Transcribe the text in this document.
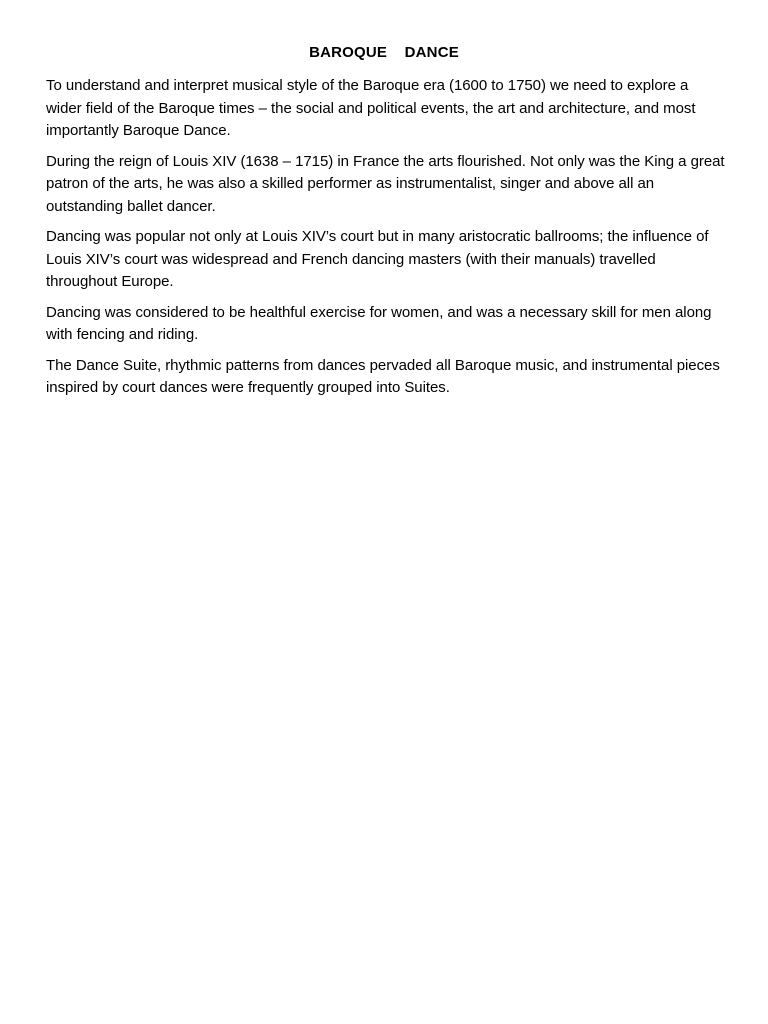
BAROQUE    DANCE

To understand and interpret musical style of the Baroque era (1600 to 1750) we need to explore a wider field of the Baroque times – the social and political events, the art and architecture, and most importantly Baroque Dance.

During the reign of Louis XIV (1638 – 1715) in France the arts flourished. Not only was the King a great patron of the arts, he was also a skilled performer as instrumentalist, singer and above all an outstanding ballet dancer.

Dancing was popular not only at Louis XIV’s court but in many aristocratic ballrooms; the influence of Louis XIV’s court was widespread and French dancing masters (with their manuals) travelled throughout Europe.

Dancing was considered to be healthful exercise for women, and was a necessary skill for men along with fencing and riding.

The Dance Suite, rhythmic patterns from dances pervaded all Baroque music, and instrumental pieces inspired by court dances were frequently grouped into Suites.
